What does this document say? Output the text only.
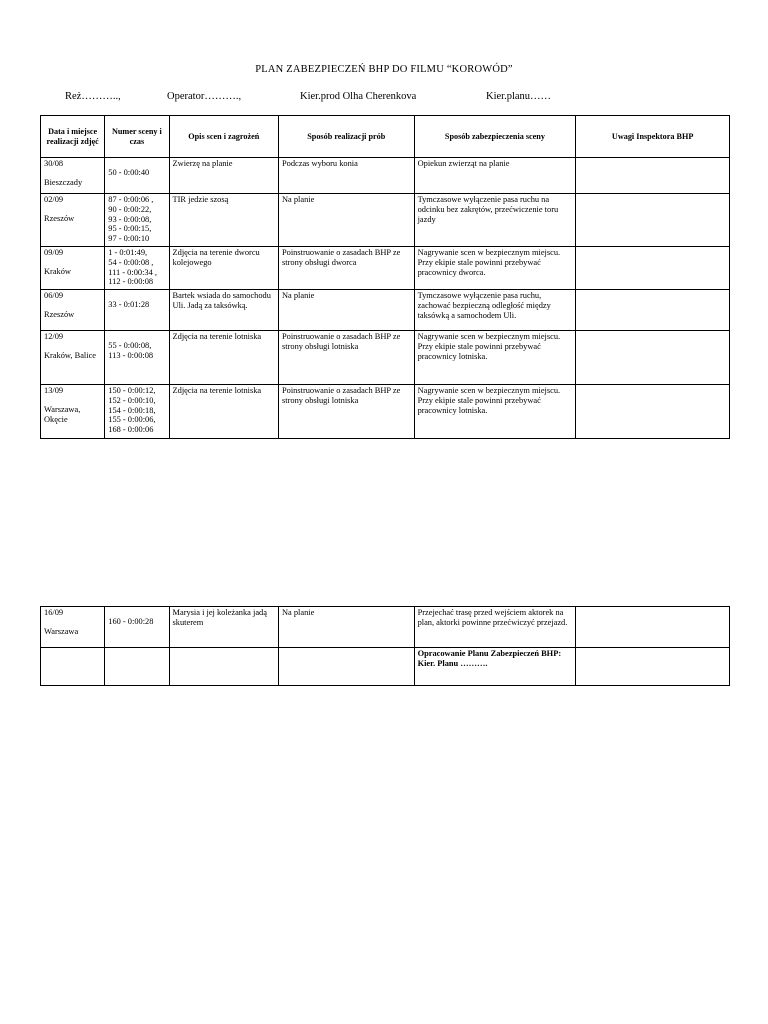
PLAN ZABEZPIECZEŃ BHP DO FILMU “KOROWÓD”
Reż………..,	Operator……….,	Kier.prod Olha Cherenkova	Kier.planu……
Data i miejsce realizacji zdjęć	Numer sceny i czas	Opis scen i zagrożeń	Sposób realizacji prób	Sposób zabezpieczenia sceny	Uwagi Inspektora BHP

30/08
Bieszczady	50 - 0:00:40	Zwierzę na planie	Podczas wyboru konia	Opiekun zwierząt na planie	

02/09
Rzeszów	87 - 0:00:06 ,
90 - 0:00:22,
93 - 0:00:08,
95 - 0:00:15,
97 - 0:00:10	TIR jedzie szosą	Na planie	Tymczasowe wyłączenie pasa ruchu na odcinku bez zakrętów, przećwiczenie toru jazdy	

09/09
Kraków	1 - 0:01:49,
54 - 0:00:08 ,
111 - 0:00:34 ,
112 - 0:00:08	Zdjęcia na terenie dworcu kolejowego	Poinstruowanie o zasadach BHP ze strony obsługi dworca	Nagrywanie scen w bezpiecznym miejscu. Przy ekipie stale powinni przebywać pracownicy dworca.	

06/09
Rzeszów	33 - 0:01:28	Bartek wsiada do samochodu Uli. Jadą za taksówką.	Na planie	Tymczasowe wyłączenie pasa ruchu, zachować bezpieczną odległość między taksówką a samochodem Uli.	

12/09
Kraków, Balice	55 - 0:00:08,
113 - 0:00:08	Zdjęcia na terenie lotniska	Poinstruowanie o zasadach BHP ze strony obsługi lotniska	Nagrywanie scen w bezpiecznym miejscu. Przy ekipie stale powinni przebywać pracownicy lotniska.	

13/09
Warszawa, Okęcie	150 - 0:00:12,
152 - 0:00:10,
154 - 0:00:18,
155 - 0:00:06,
168 - 0:00:06	Zdjęcia na terenie lotniska	Poinstruowanie o zasadach BHP ze strony obsługi lotniska	Nagrywanie scen w bezpiecznym miejscu. Przy ekipie stale powinni przebywać pracownicy lotniska.	
16/09
Warszawa	160 - 0:00:28	Marysia i jej koleżanka jadą skuterem	Na planie	Przejechać trasę przed wejściem aktorek na plan, aktorki powinne przećwiczyć przejazd.	
				Opracowanie Planu Zabezpieczeń BHP: Kier. Planu ……….	
